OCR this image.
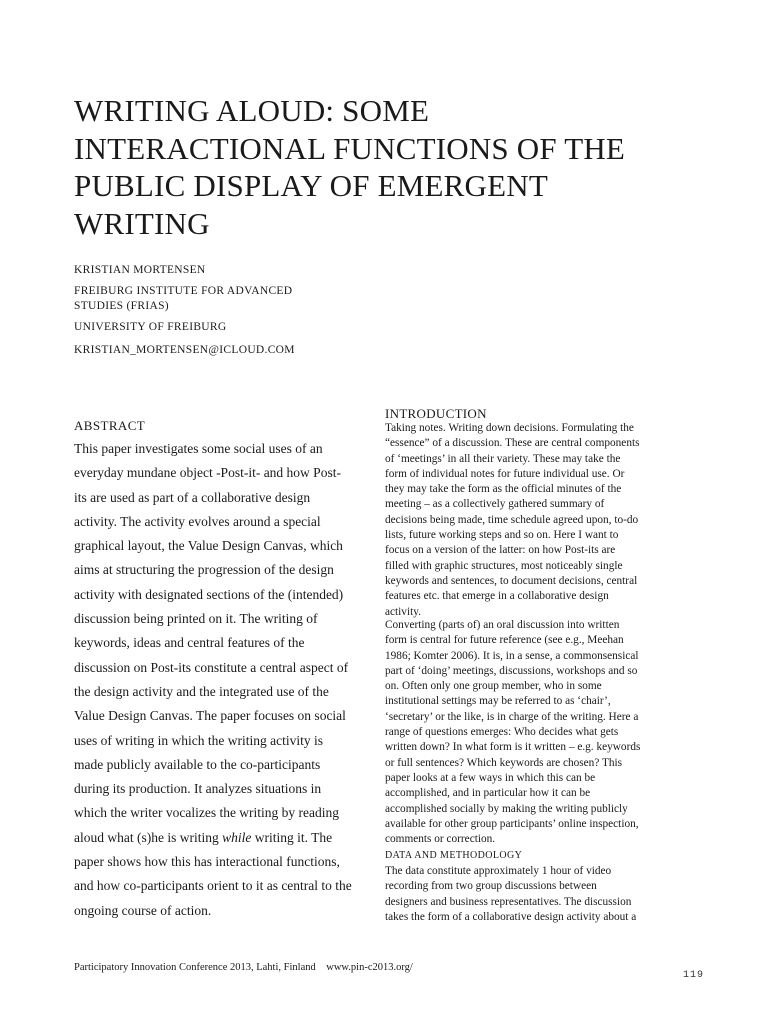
WRITING ALOUD: SOME
INTERACTIONAL FUNCTIONS OF THE
PUBLIC DISPLAY OF EMERGENT
WRITING
KRISTIAN MORTENSEN
FREIBURG INSTITUTE FOR ADVANCED
STUDIES (FRIAS)
UNIVERSITY OF FREIBURG
KRISTIAN_MORTENSEN@ICLOUD.COM
ABSTRACT
This paper investigates some social uses of an
everyday mundane object -Post-it- and how Post-
its are used as part of a collaborative design
activity. The activity evolves around a special
graphical layout, the Value Design Canvas, which
aims at structuring the progression of the design
activity with designated sections of the (intended)
discussion being printed on it. The writing of
keywords, ideas and central features of the
discussion on Post-its constitute a central aspect of
the design activity and the integrated use of the
Value Design Canvas. The paper focuses on social
uses of writing in which the writing activity is
made publicly available to the co-participants
during its production. It analyzes situations in
which the writer vocalizes the writing by reading
aloud what (s)he is writing while writing it. The
paper shows how this has interactional functions,
and how co-participants orient to it as central to the
ongoing course of action.
INTRODUCTION
Taking notes. Writing down decisions. Formulating the
“essence” of a discussion. These are central components
of ‘meetings’ in all their variety. These may take the
form of individual notes for future individual use. Or
they may take the form as the official minutes of the
meeting – as a collectively gathered summary of
decisions being made, time schedule agreed upon, to-do
lists, future working steps and so on. Here I want to
focus on a version of the latter: on how Post-its are
filled with graphic structures, most noticeably single
keywords and sentences, to document decisions, central
features etc. that emerge in a collaborative design
activity.
Converting (parts of) an oral discussion into written
form is central for future reference (see e.g., Meehan
1986; Komter 2006). It is, in a sense, a commonsensical
part of ‘doing’ meetings, discussions, workshops and so
on. Often only one group member, who in some
institutional settings may be referred to as ‘chair’,
‘secretary’ or the like, is in charge of the writing. Here a
range of questions emerges: Who decides what gets
written down? In what form is it written – e.g. keywords
or full sentences? Which keywords are chosen? This
paper looks at a few ways in which this can be
accomplished, and in particular how it can be
accomplished socially by making the writing publicly
available for other group participants’ online inspection,
comments or correction.
DATA AND METHODOLOGY
The data constitute approximately 1 hour of video
recording from two group discussions between
designers and business representatives. The discussion
takes the form of a collaborative design activity about a
Participatory Innovation Conference 2013, Lahti, Finland www.pin-c2013.org/
119
